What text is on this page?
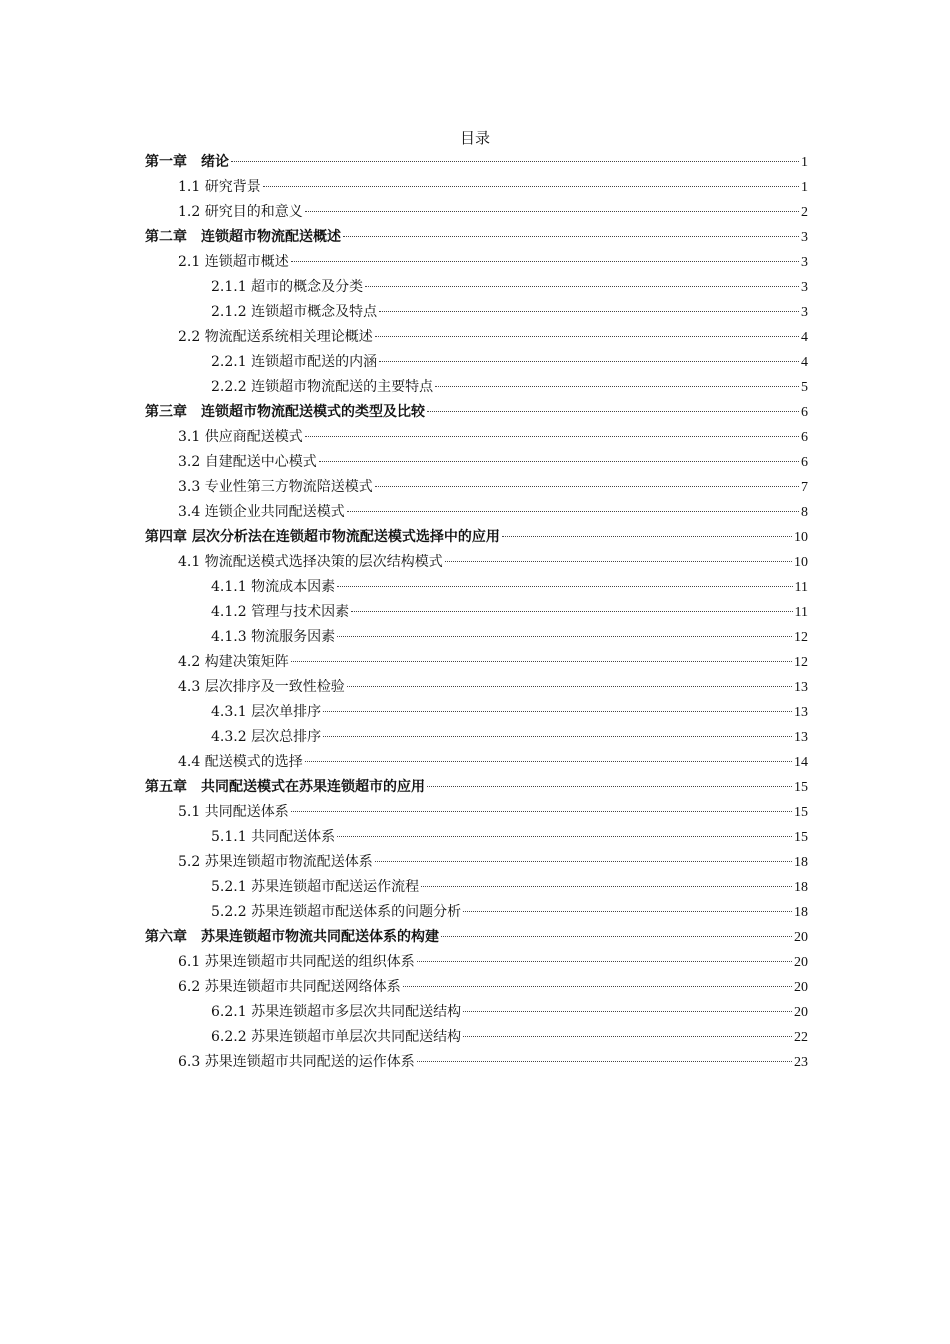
目录
第一章　绪论	1
1.1 研究背景	1
1.2 研究目的和意义	2
第二章　连锁超市物流配送概述	3
2.1 连锁超市概述	3
2.1.1 超市的概念及分类	3
2.1.2 连锁超市概念及特点	3
2.2 物流配送系统相关理论概述	4
2.2.1 连锁超市配送的内涵	4
2.2.2 连锁超市物流配送的主要特点	5
第三章　连锁超市物流配送模式的类型及比较	6
3.1 供应商配送模式	6
3.2 自建配送中心模式	6
3.3 专业性第三方物流陪送模式	7
3.4 连锁企业共同配送模式	8
第四章 层次分析法在连锁超市物流配送模式选择中的应用	10
4.1 物流配送模式选择决策的层次结构模式	10
4.1.1 物流成本因素	11
4.1.2 管理与技术因素	11
4.1.3 物流服务因素	12
4.2 构建决策矩阵	12
4.3 层次排序及一致性检验	13
4.3.1 层次单排序	13
4.3.2 层次总排序	13
4.4 配送模式的选择	14
第五章　共同配送模式在苏果连锁超市的应用	15
5.1 共同配送体系	15
5.1.1 共同配送体系	15
5.2 苏果连锁超市物流配送体系	18
5.2.1 苏果连锁超市配送运作流程	18
5.2.2 苏果连锁超市配送体系的问题分析	18
第六章　苏果连锁超市物流共同配送体系的构建	20
6.1 苏果连锁超市共同配送的组织体系	20
6.2 苏果连锁超市共同配送网络体系	20
6.2.1 苏果连锁超市多层次共同配送结构	20
6.2.2 苏果连锁超市单层次共同配送结构	22
6.3 苏果连锁超市共同配送的运作体系	23
